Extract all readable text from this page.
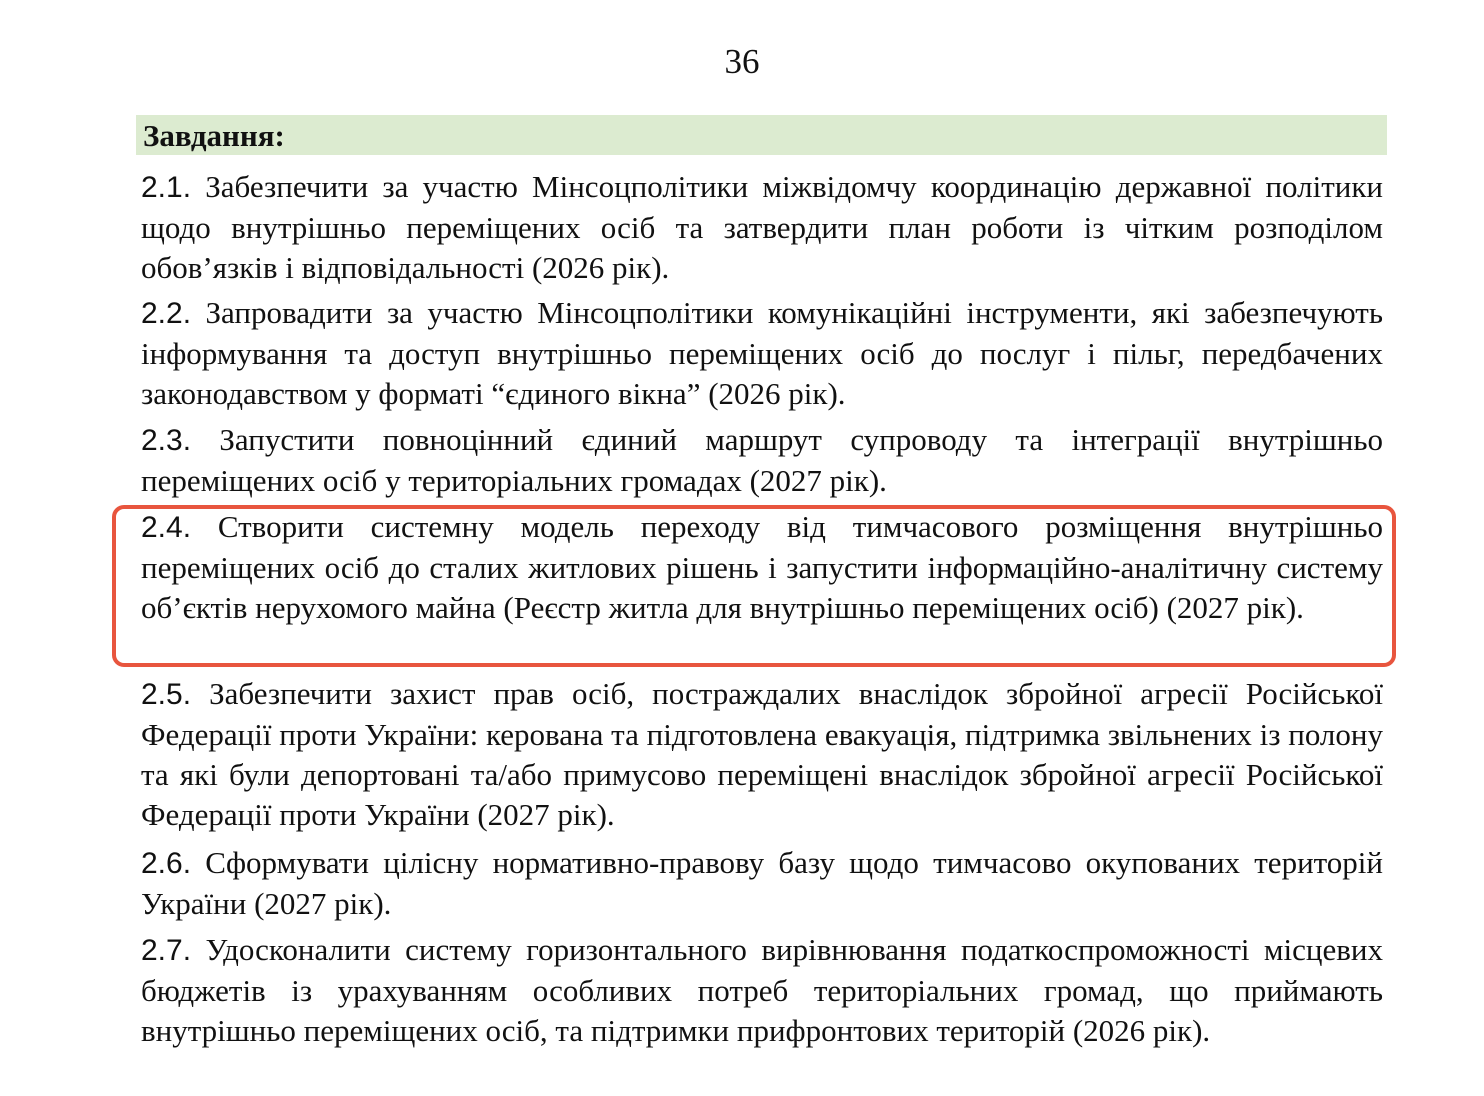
36
Завдання:

2.1. Забезпечити за участю Мінсоцполітики міжвідомчу координацію державної політики щодо внутрішньо переміщених осіб та затвердити план роботи із чітким розподілом обов’язків і відповідальності (2026 рік).

2.2. Запровадити за участю Мінсоцполітики комунікаційні інструменти, які забезпечують інформування та доступ внутрішньо переміщених осіб до послуг і пільг, передбачених законодавством у форматі “єдиного вікна” (2026 рік).

2.3. Запустити повноцінний єдиний маршрут супроводу та інтеграції внутрішньо переміщених осіб у територіальних громадах (2027 рік).

2.4. Створити системну модель переходу від тимчасового розміщення внутрішньо переміщених осіб до сталих житлових рішень і запустити інформаційно-аналітичну систему об’єктів нерухомого майна (Реєстр житла для внутрішньо переміщених осіб) (2027 рік).

2.5. Забезпечити захист прав осіб, постраждалих внаслідок збройної агресії Російської Федерації проти України: керована та підготовлена евакуація, підтримка звільнених із полону та які були депортовані та/або примусово переміщені внаслідок збройної агресії Російської Федерації проти України (2027 рік).

2.6. Сформувати цілісну нормативно-правову базу щодо тимчасово окупованих територій України (2027 рік).

2.7. Удосконалити систему горизонтального вирівнювання податкоспроможності місцевих бюджетів із урахуванням особливих потреб територіальних громад, що приймають внутрішньо переміщених осіб, та підтримки прифронтових територій (2026 рік).
